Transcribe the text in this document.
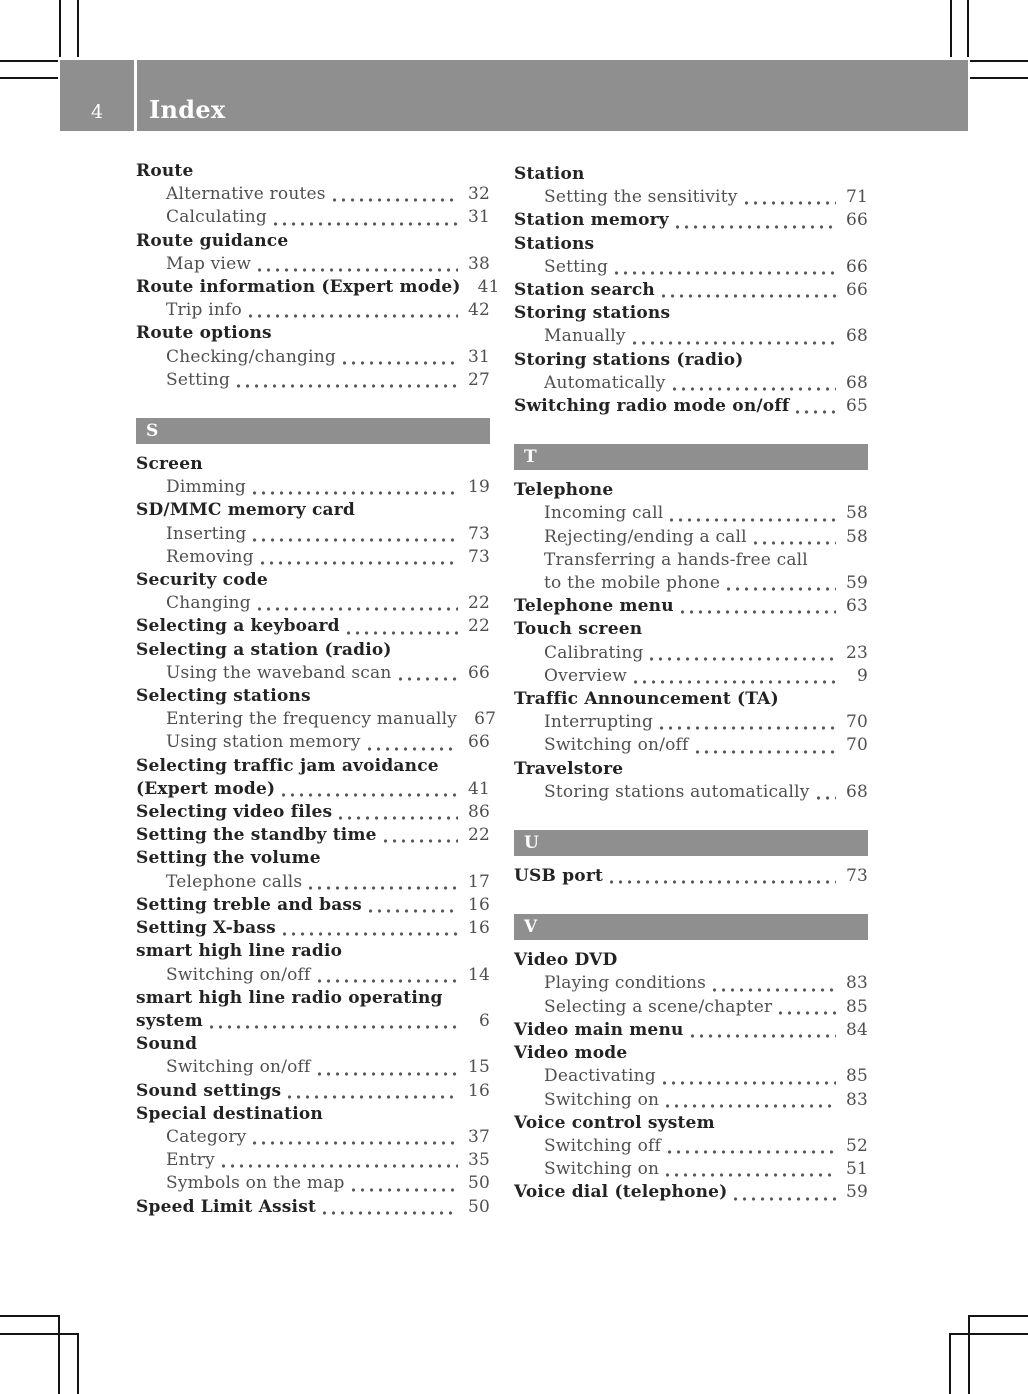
4 Index
Route
Alternative routes	32
Calculating	31
Route guidance
Map view	38
Route information (Expert mode) 41
Trip info	42
Route options
Checking/changing	31
Setting	27
S
Screen
Dimming	19
SD/MMC memory card
Inserting	73
Removing	73
Security code
Changing	22
Selecting a keyboard	22
Selecting a station (radio)
Using the waveband scan	66
Selecting stations
Entering the frequency manually 67
Using station memory	66
Selecting traffic jam avoidance
(Expert mode)	41
Selecting video files	86
Setting the standby time	22
Setting the volume
Telephone calls	17
Setting treble and bass	16
Setting X-bass	16
smart high line radio
Switching on/off	14
smart high line radio operating
system	6
Sound
Switching on/off	15
Sound settings	16
Special destination
Category	37
Entry	35
Symbols on the map	50
Speed Limit Assist	50
Station
Setting the sensitivity	71
Station memory	66
Stations
Setting	66
Station search	66
Storing stations
Manually	68
Storing stations (radio)
Automatically	68
Switching radio mode on/off	65
T
Telephone
Incoming call	58
Rejecting/ending a call	58
Transferring a hands-free call
to the mobile phone	59
Telephone menu	63
Touch screen
Calibrating	23
Overview	9
Traffic Announcement (TA)
Interrupting	70
Switching on/off	70
Travelstore
Storing stations automatically 68
U
USB port	73
V
Video DVD
Playing conditions	83
Selecting a scene/chapter	85
Video main menu	84
Video mode
Deactivating	85
Switching on	83
Voice control system
Switching off	52
Switching on	51
Voice dial (telephone)	59
